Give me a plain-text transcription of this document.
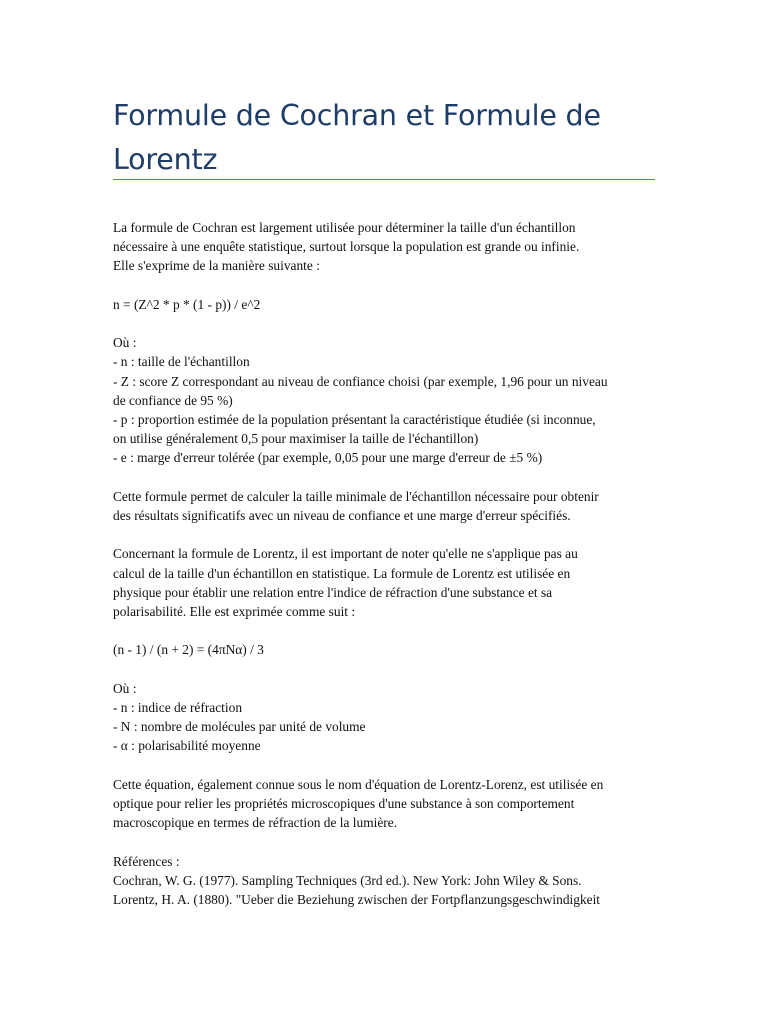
Formule de Cochran et Formule de
Lorentz

La formule de Cochran est largement utilisée pour déterminer la taille d'un échantillon
nécessaire à une enquête statistique, surtout lorsque la population est grande ou infinie.
Elle s'exprime de la manière suivante :

n = (Z^2 * p * (1 - p)) / e^2

Où :
- n : taille de l'échantillon
- Z : score Z correspondant au niveau de confiance choisi (par exemple, 1,96 pour un niveau
de confiance de 95 %)
- p : proportion estimée de la population présentant la caractéristique étudiée (si inconnue,
on utilise généralement 0,5 pour maximiser la taille de l'échantillon)
- e : marge d'erreur tolérée (par exemple, 0,05 pour une marge d'erreur de ±5 %)

Cette formule permet de calculer la taille minimale de l'échantillon nécessaire pour obtenir
des résultats significatifs avec un niveau de confiance et une marge d'erreur spécifiés.

Concernant la formule de Lorentz, il est important de noter qu'elle ne s'applique pas au
calcul de la taille d'un échantillon en statistique. La formule de Lorentz est utilisée en
physique pour établir une relation entre l'indice de réfraction d'une substance et sa
polarisabilité. Elle est exprimée comme suit :

(n - 1) / (n + 2) = (4πNα) / 3

Où :
- n : indice de réfraction
- N : nombre de molécules par unité de volume
- α : polarisabilité moyenne

Cette équation, également connue sous le nom d'équation de Lorentz-Lorenz, est utilisée en
optique pour relier les propriétés microscopiques d'une substance à son comportement
macroscopique en termes de réfraction de la lumière.

Références :
Cochran, W. G. (1977). Sampling Techniques (3rd ed.). New York: John Wiley & Sons.
Lorentz, H. A. (1880). "Ueber die Beziehung zwischen der Fortpflanzungsgeschwindigkeit
